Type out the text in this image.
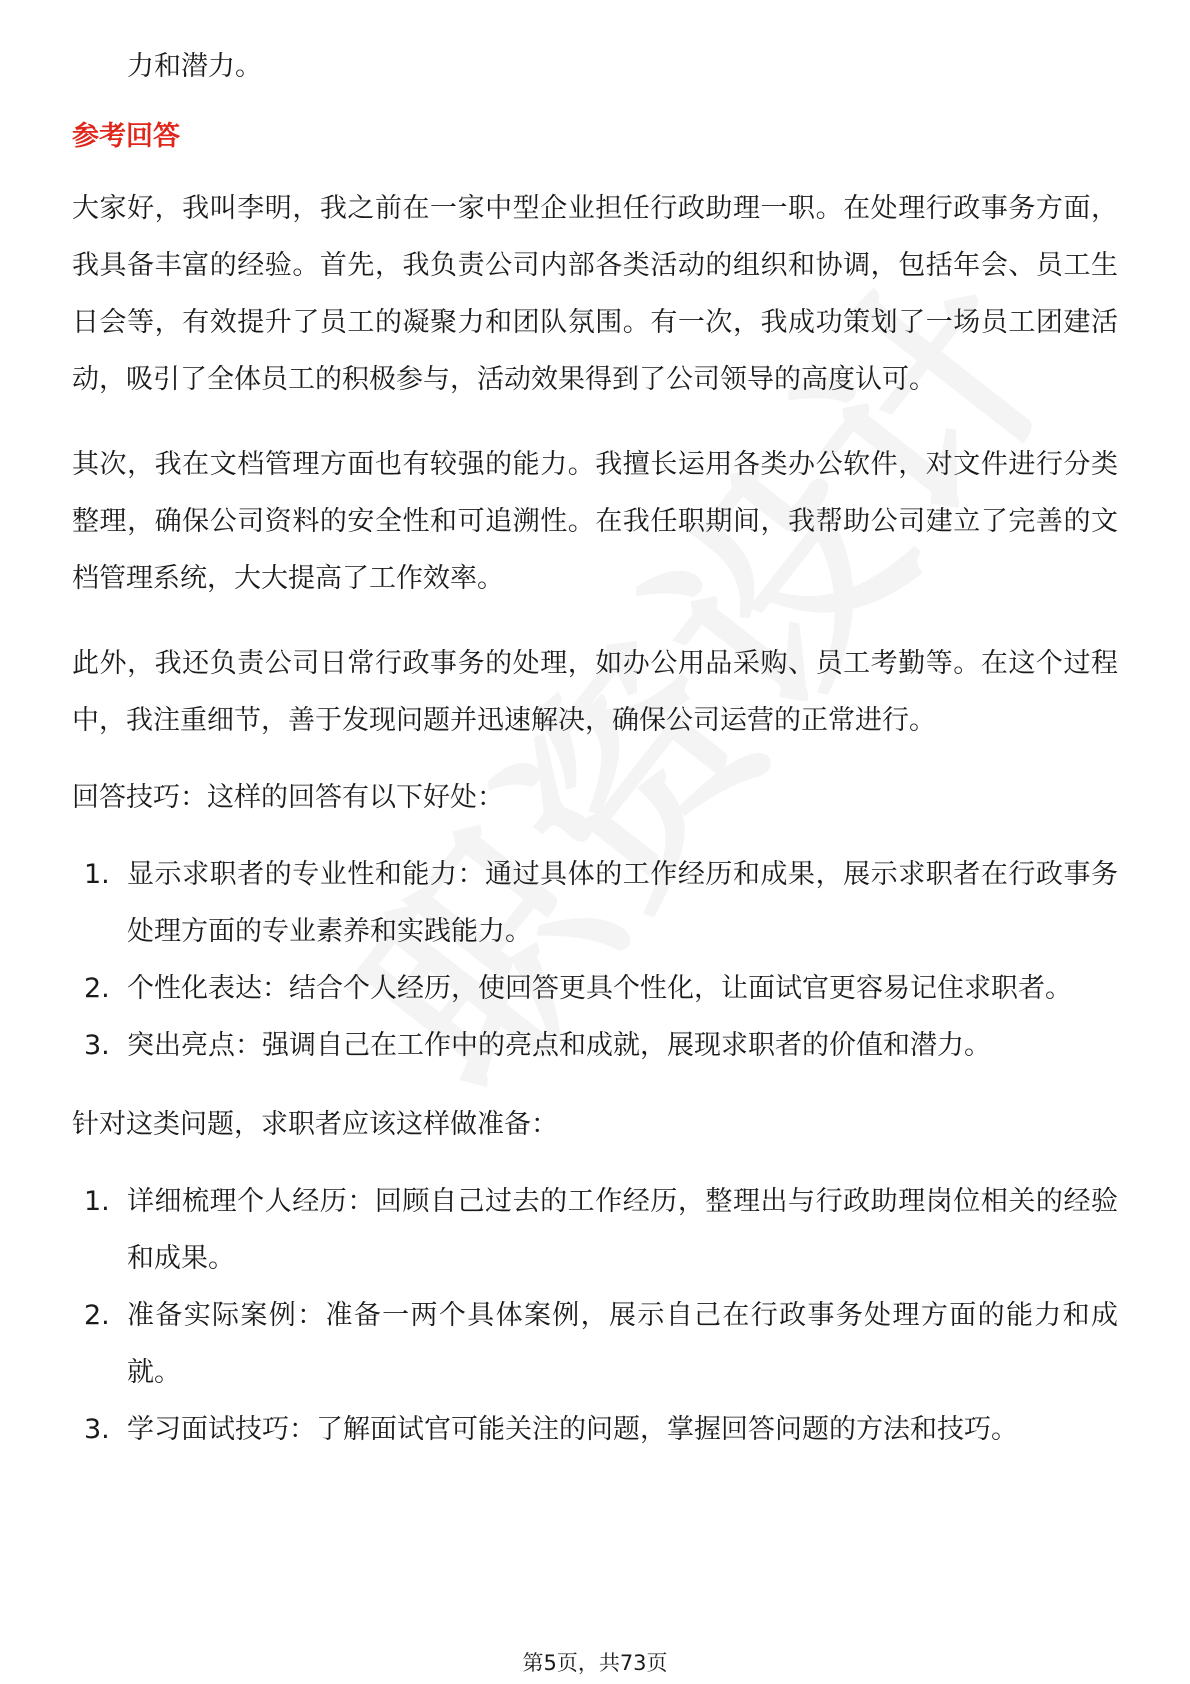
力和潜力。

参考回答

大家好，我叫李明，我之前在一家中型企业担任行政助理一职。在处理行政事务方面，我具备丰富的经验。首先，我负责公司内部各类活动的组织和协调，包括年会、员工生日会等，有效提升了员工的凝聚力和团队氛围。有一次，我成功策划了一场员工团建活动，吸引了全体员工的积极参与，活动效果得到了公司领导的高度认可。

其次，我在文档管理方面也有较强的能力。我擅长运用各类办公软件，对文件进行分类整理，确保公司资料的安全性和可追溯性。在我任职期间，我帮助公司建立了完善的文档管理系统，大大提高了工作效率。

此外，我还负责公司日常行政事务的处理，如办公用品采购、员工考勤等。在这个过程中，我注重细节，善于发现问题并迅速解决，确保公司运营的正常进行。

回答技巧：这样的回答有以下好处：

1. 显示求职者的专业性和能力：通过具体的工作经历和成果，展示求职者在行政事务处理方面的专业素养和实践能力。
2. 个性化表达：结合个人经历，使回答更具个性化，让面试官更容易记住求职者。
3. 突出亮点：强调自己在工作中的亮点和成就，展现求职者的价值和潜力。

针对这类问题，求职者应该这样做准备：

1. 详细梳理个人经历：回顾自己过去的工作经历，整理出与行政助理岗位相关的经验和成果。
2. 准备实际案例：准备一两个具体案例，展示自己在行政事务处理方面的能力和成就。
3. 学习面试技巧：了解面试官可能关注的问题，掌握回答问题的方法和技巧。
第5页，共73页
